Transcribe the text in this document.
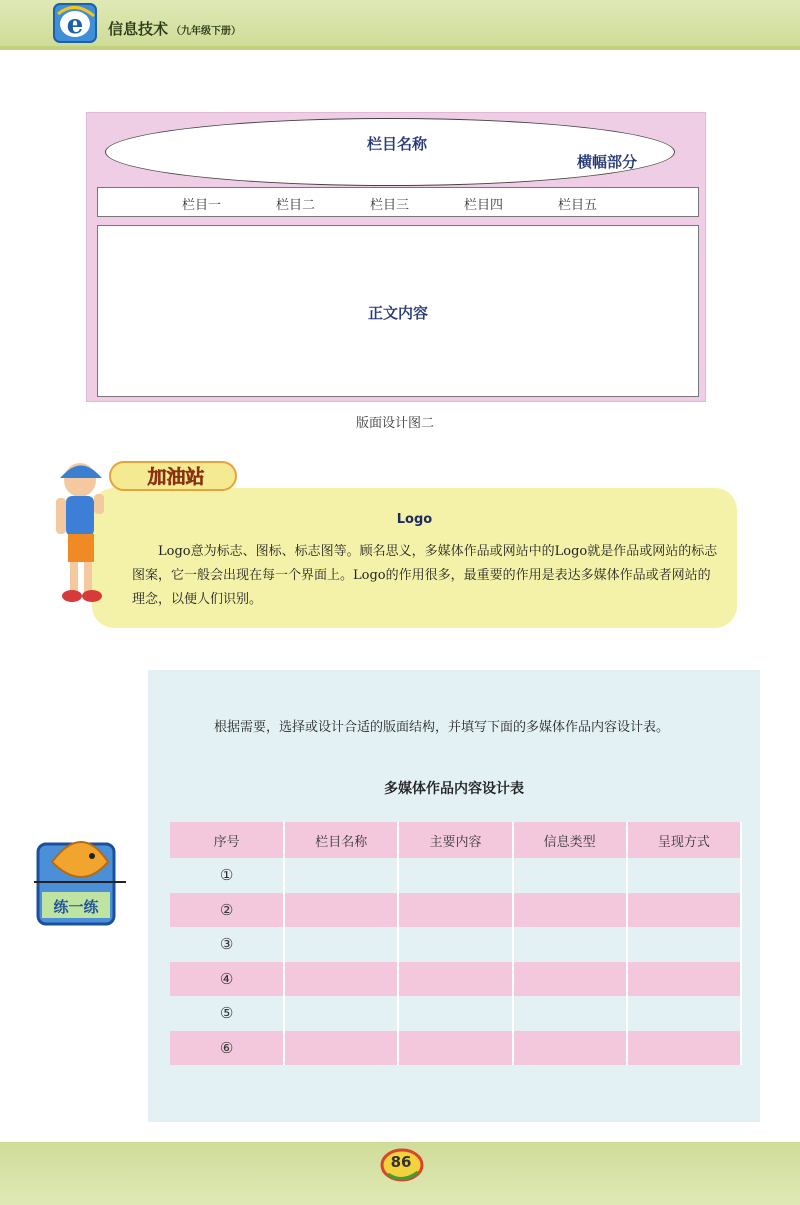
e 信息技术 （九年级下册）
栏目名称
横幅部分
栏目一	栏目二	栏目三	栏目四	栏目五
正文内容
版面设计图二
Logo
Logo意为标志、图标、标志图等。顾名思义，多媒体作品或网站中的Logo就是作品或网站的标志图案，它一般会出现在每一个界面上。Logo的作用很多，最重要的作用是表达多媒体作品或者网站的理念，以便人们识别。
加油站
练一练
根据需要，选择或设计合适的版面结构，并填写下面的多媒体作品内容设计表。
多媒体作品内容设计表
序号	栏目名称	主要内容	信息类型	呈现方式
①				
②				
③				
④				
⑤				
⑥				
86
